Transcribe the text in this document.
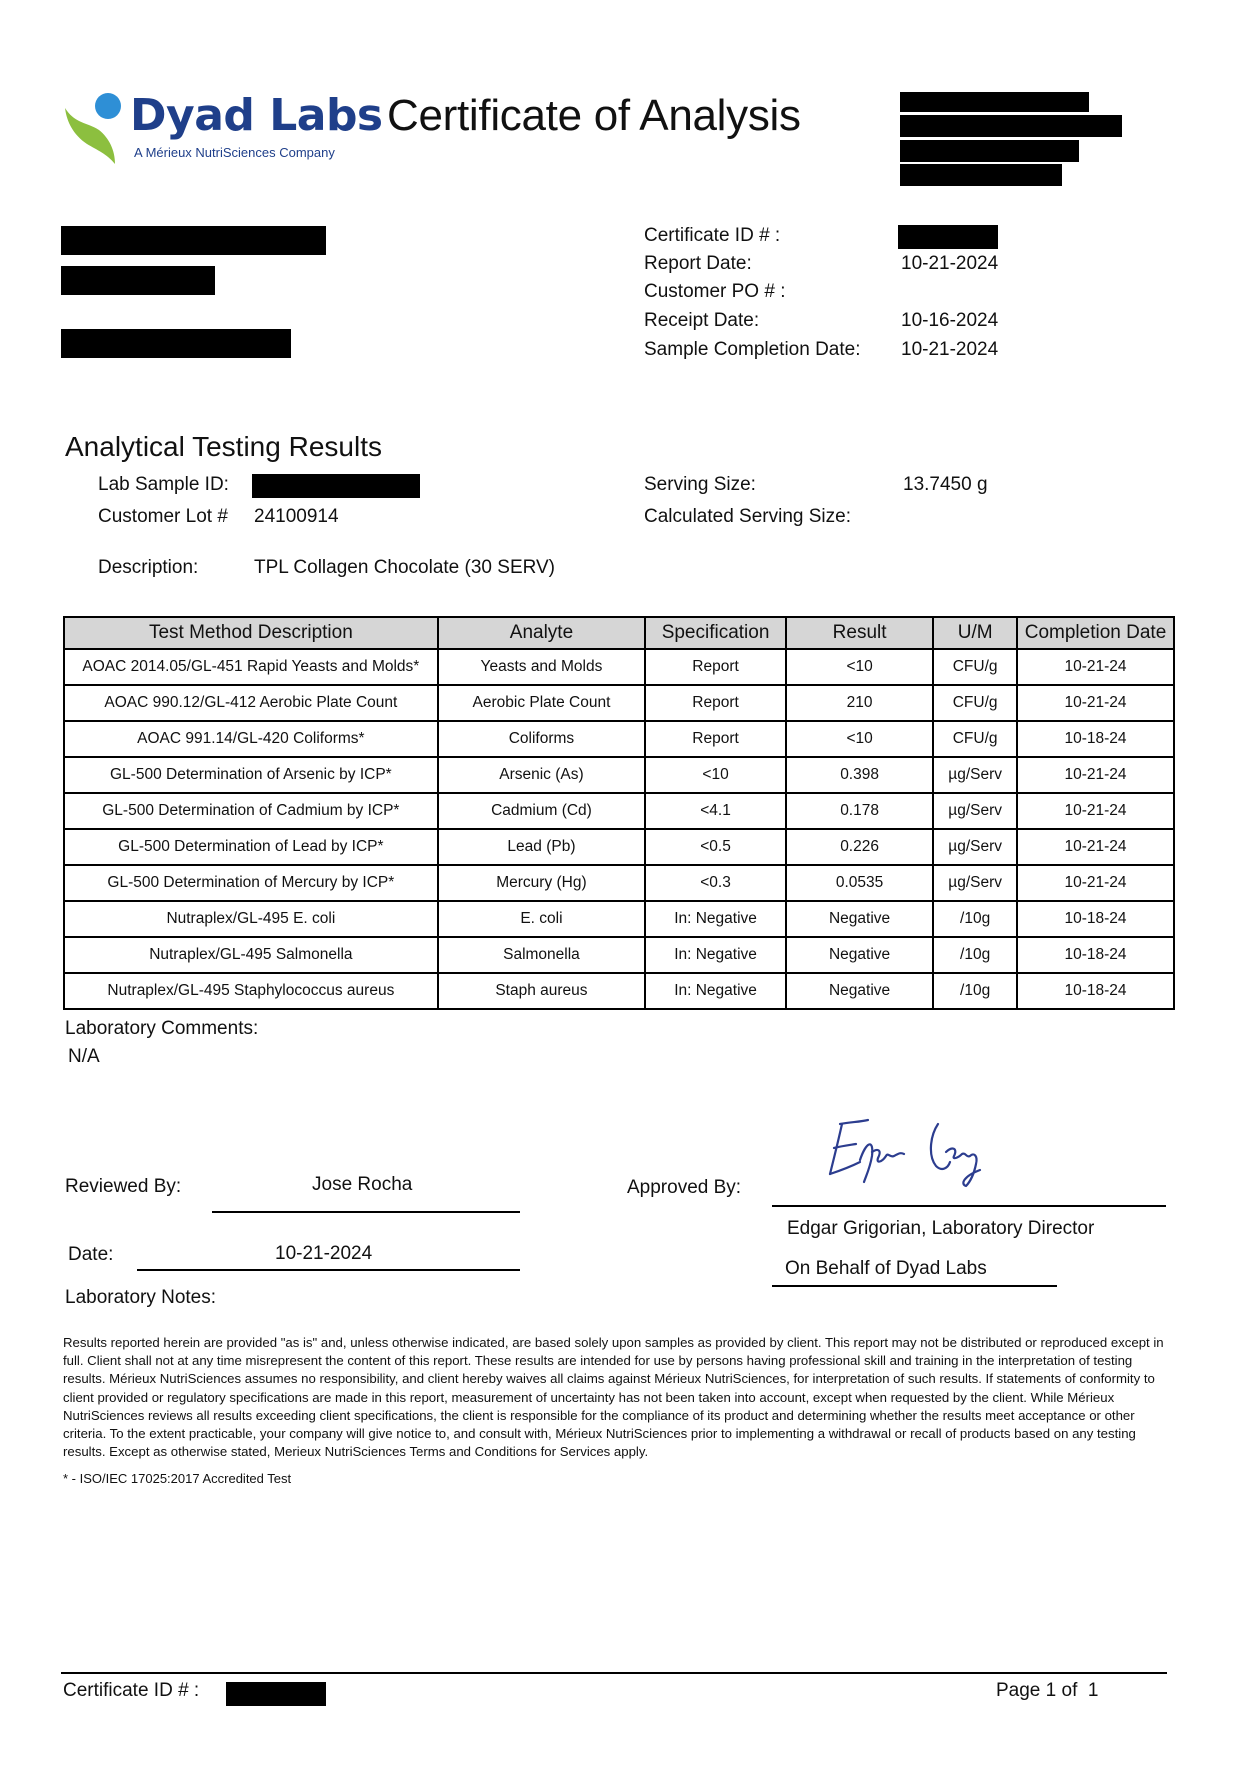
Dyad Labs
A Mérieux NutriSciences Company
Certificate of Analysis
Certificate ID # :
Report Date:	10-21-2024
Customer PO # :
Receipt Date:	10-16-2024
Sample Completion Date: 10-21-2024
Analytical Testing Results
Lab Sample ID:
Customer Lot # 24100914
Serving Size:	13.7450 g
Calculated Serving Size:
Description:	TPL Collagen Chocolate (30 SERV)
Test Method Description	Analyte	Specification	Result	U/M	Completion Date
AOAC 2014.05/GL-451 Rapid Yeasts and Molds*	Yeasts and Molds	Report	<10	CFU/g	10-21-24
AOAC 990.12/GL-412 Aerobic Plate Count	Aerobic Plate Count	Report	210	CFU/g	10-21-24
AOAC 991.14/GL-420 Coliforms*	Coliforms	Report	<10	CFU/g	10-18-24
GL-500 Determination of Arsenic by ICP*	Arsenic (As)	<10	0.398	µg/Serv	10-21-24
GL-500 Determination of Cadmium by ICP*	Cadmium (Cd)	<4.1	0.178	µg/Serv	10-21-24
GL-500 Determination of Lead by ICP*	Lead (Pb)	<0.5	0.226	µg/Serv	10-21-24
GL-500 Determination of Mercury by ICP*	Mercury (Hg)	<0.3	0.0535	µg/Serv	10-21-24
Nutraplex/GL-495 E. coli	E. coli	In: Negative	Negative	/10g	10-18-24
Nutraplex/GL-495 Salmonella	Salmonella	In: Negative	Negative	/10g	10-18-24
Nutraplex/GL-495 Staphylococcus aureus	Staph aureus	In: Negative	Negative	/10g	10-18-24
Laboratory Comments:
N/A
Reviewed By:	Jose Rocha
Date:	10-21-2024
Approved By:
Edgar Grigorian, Laboratory Director
On Behalf of Dyad Labs
Laboratory Notes:
Results reported herein are provided "as is" and, unless otherwise indicated, are based solely upon samples as provided by client. This report may not be distributed or reproduced except in full. Client shall not at any time misrepresent the content of this report. These results are intended for use by persons having professional skill and training in the interpretation of testing results. Mérieux NutriSciences assumes no responsibility, and client hereby waives all claims against Mérieux NutriSciences, for interpretation of such results. If statements of conformity to client provided or regulatory specifications are made in this report, measurement of uncertainty has not been taken into account, except when requested by the client. While Mérieux NutriSciences reviews all results exceeding client specifications, the client is responsible for the compliance of its product and determining whether the results meet acceptance or other criteria. To the extent practicable, your company will give notice to, and consult with, Mérieux NutriSciences prior to implementing a withdrawal or recall of products based on any testing results. Except as otherwise stated, Merieux NutriSciences Terms and Conditions for Services apply.
* - ISO/IEC 17025:2017 Accredited Test
Certificate ID # :	Page 1 of  1
